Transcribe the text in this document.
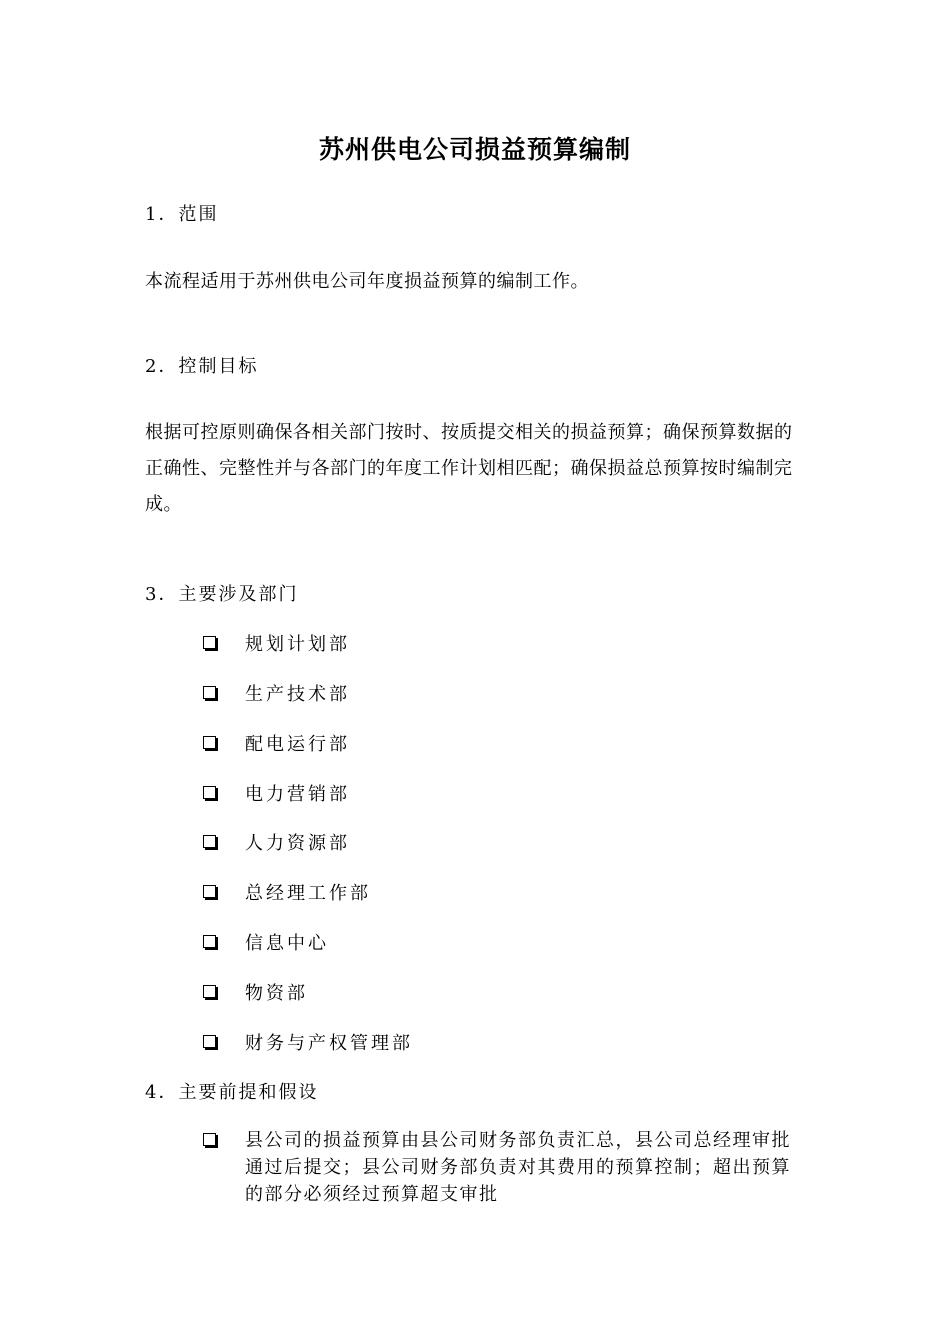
苏州供电公司损益预算编制
1．范围
本流程适用于苏州供电公司年度损益预算的编制工作。
2．控制目标
根据可控原则确保各相关部门按时、按质提交相关的损益预算；确保预算数据的正确性、完整性并与各部门的年度工作计划相匹配；确保损益总预算按时编制完成。
3．主要涉及部门
规划计划部
生产技术部
配电运行部
电力营销部
人力资源部
总经理工作部
信息中心
物资部
财务与产权管理部
4．主要前提和假设
县公司的损益预算由县公司财务部负责汇总，县公司总经理审批通过后提交；县公司财务部负责对其费用的预算控制；超出预算的部分必须经过预算超支审批
